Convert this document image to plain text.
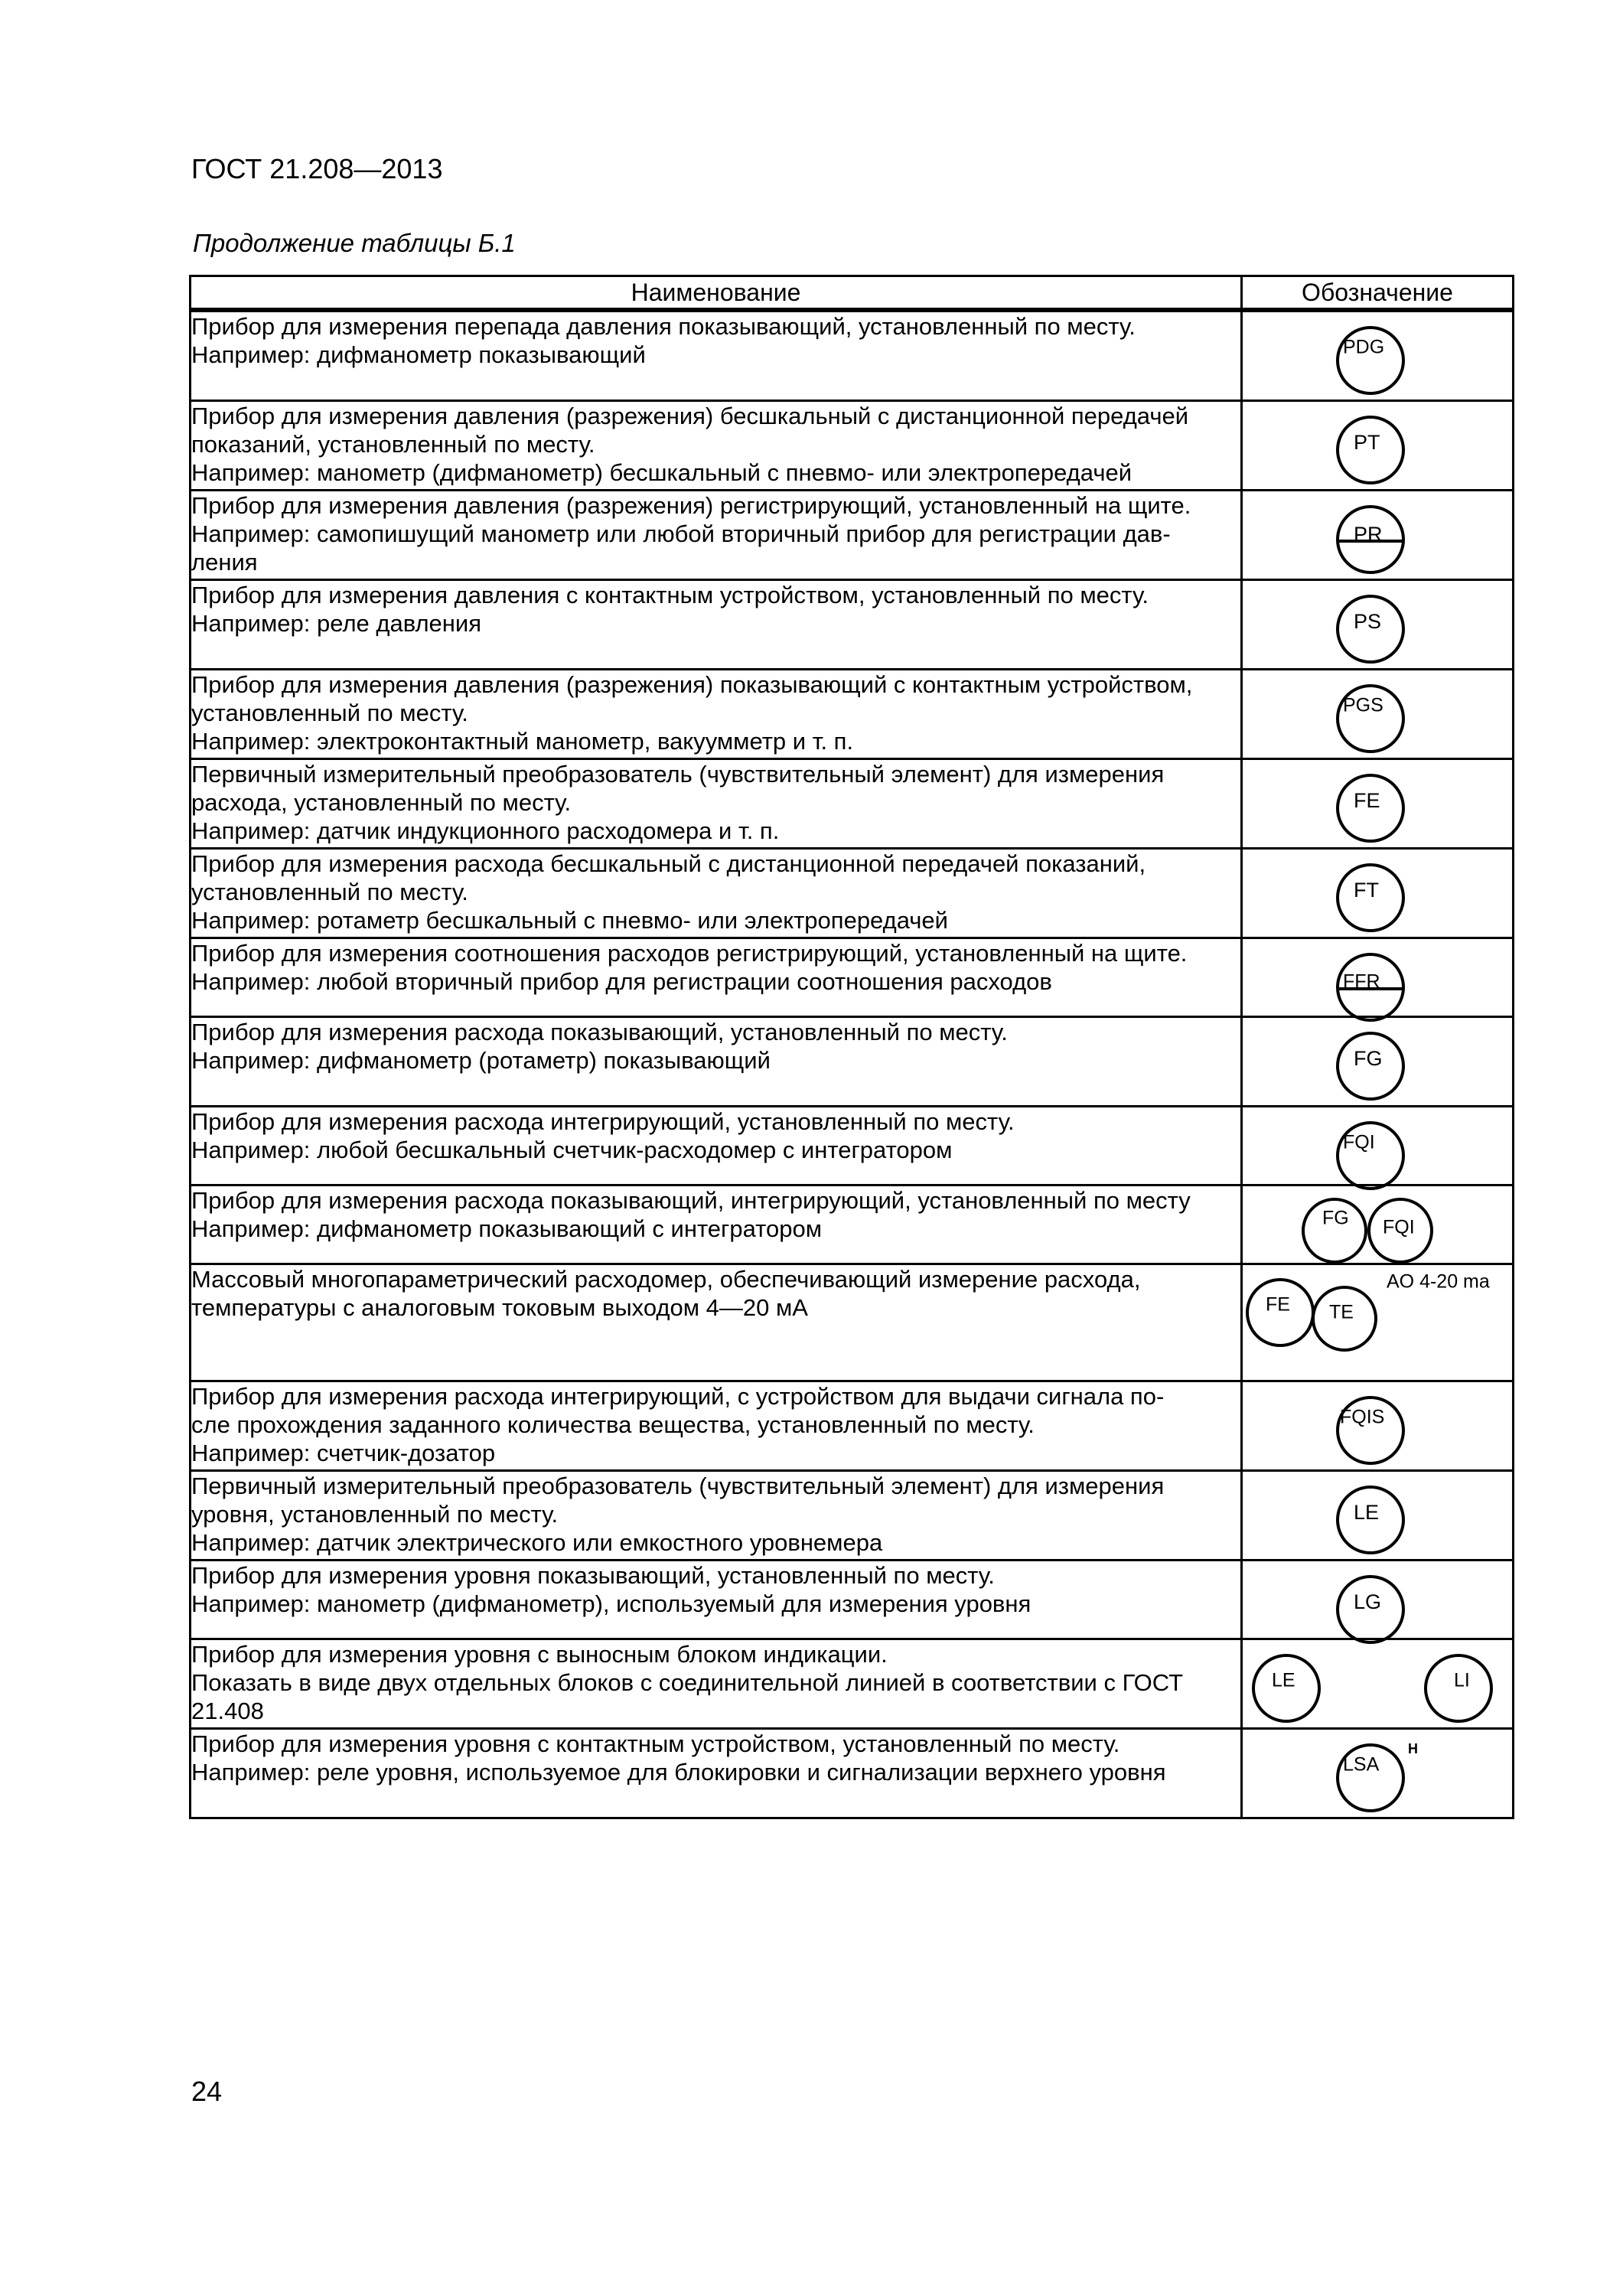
ГОСТ 21.208—2013
Продолжение таблицы Б.1
Наименование	Обозначение

Прибор для измерения перепада давления показывающий, установленный по месту.
Например: дифманометр показывающий	PDG

Прибор для измерения давления (разрежения) бесшкальный с дистанционной передачей
показаний, установленный по месту.
Например: манометр (дифманометр) бесшкальный с пневмо- или электропередачей	PT

Прибор для измерения давления (разрежения) регистрирующий, установленный на щите.
Например: самопишущий манометр или любой вторичный прибор для регистрации дав-
ления	PR

Прибор для измерения давления с контактным устройством, установленный по месту.
Например: реле давления	PS

Прибор для измерения давления (разрежения) показывающий с контактным устройством,
установленный по месту.
Например: электроконтактный манометр, вакуумметр и т. п.	PGS

Первичный измерительный преобразователь (чувствительный элемент) для измерения
расхода, установленный по месту.
Например: датчик индукционного расходомера и т. п.	FE

Прибор для измерения расхода бесшкальный с дистанционной передачей показаний,
установленный по месту.
Например: ротаметр бесшкальный с пневмо- или электропередачей	FT

Прибор для измерения соотношения расходов регистрирующий, установленный на щите.
Например: любой вторичный прибор для регистрации соотношения расходов	FFR

Прибор для измерения расхода показывающий, установленный по месту.
Например: дифманометр (ротаметр) показывающий	FG

Прибор для измерения расхода интегрирующий, установленный по месту.
Например: любой бесшкальный счетчик-расходомер с интегратором	FQI

Прибор для измерения расхода показывающий, интегрирующий, установленный по месту
Например: дифманометр показывающий с интегратором	FG FQI

Массовый многопараметрический расходомер, обеспечивающий измерение расхода,
температуры с аналоговым токовым выходом 4—20 мА	FE TE
AO 4-20 ma

Прибор для измерения расхода интегрирующий, с устройством для выдачи сигнала по-
сле прохождения заданного количества вещества, установленный по месту.
Например: счетчик-дозатор	FQIS

Первичный измерительный преобразователь (чувствительный элемент) для измерения
уровня, установленный по месту.
Например: датчик электрического или емкостного уровнемера	LE

Прибор для измерения уровня показывающий, установленный по месту.
Например: манометр (дифманометр), используемый для измерения уровня	LG

Прибор для измерения уровня с выносным блоком индикации.
Показать в виде двух отдельных блоков с соединительной линией в соответствии с ГОСТ
21.408	LE LI

Прибор для измерения уровня с контактным устройством, установленный по месту.
Например: реле уровня, используемое для блокировки и сигнализации верхнего уровня	LSA
H
24
